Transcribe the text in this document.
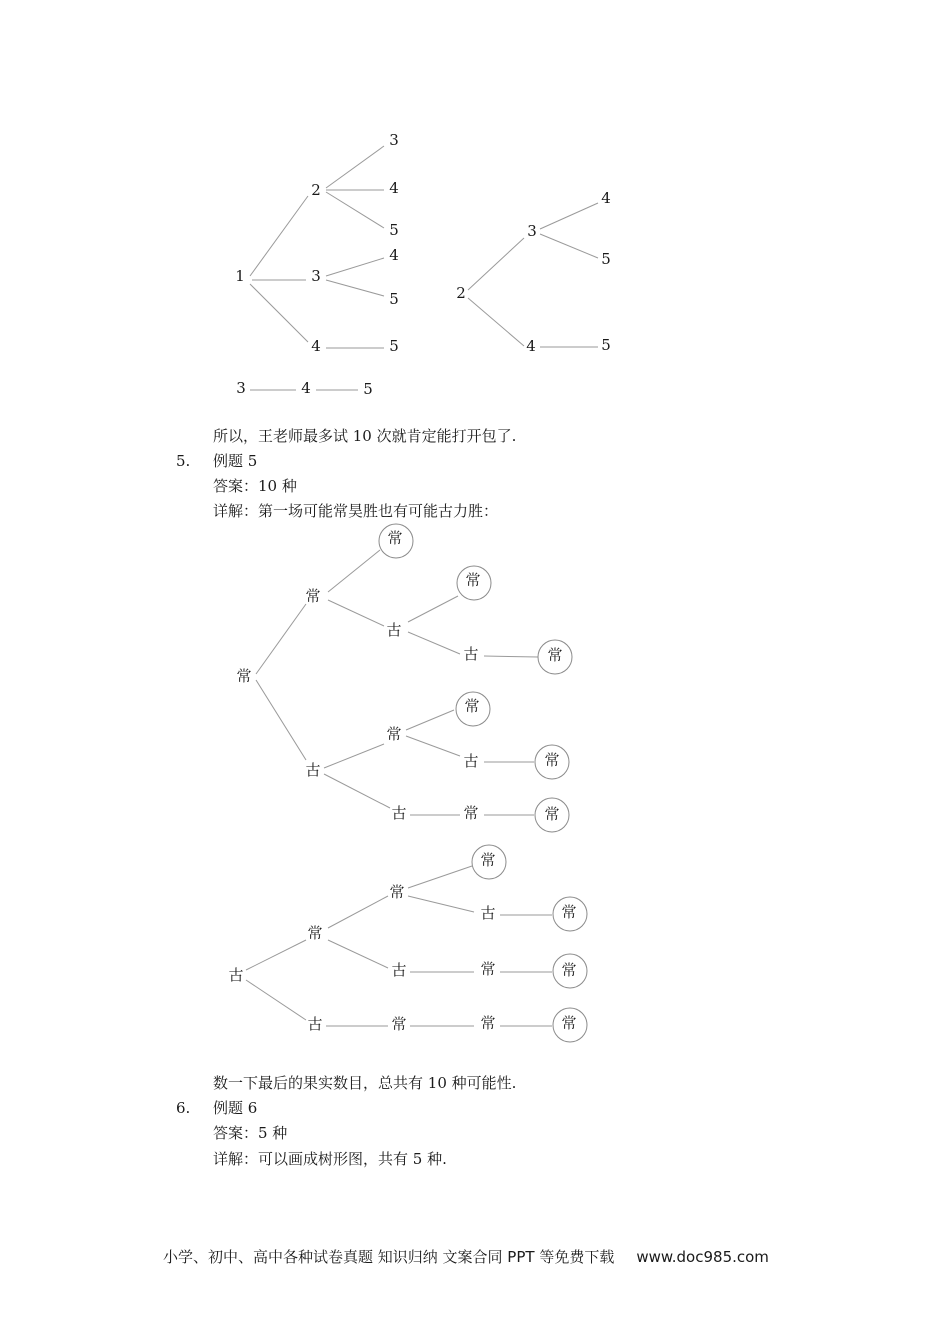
1
2
3
4
5
3
4
5
4	5
2
3
4
5
4	5
3	4	5
所以，王老师最多试 10 次就肯定能打开包了.
5. 例题 5
答案：10 种
详解：第一场可能常昊胜也有可能古力胜：
常
常
常
古
常
古	常
古
常
常
古	常
古	常	常
古
常
常
常
古	常
古	常	常
古	常	常	常
数一下最后的果实数目，总共有 10 种可能性.
6. 例题 6
答案：5 种
详解：可以画成树形图，共有 5 种.
小学、初中、高中各种试卷真题 知识归纳 文案合同 PPT 等免费下载 www.doc985.com
